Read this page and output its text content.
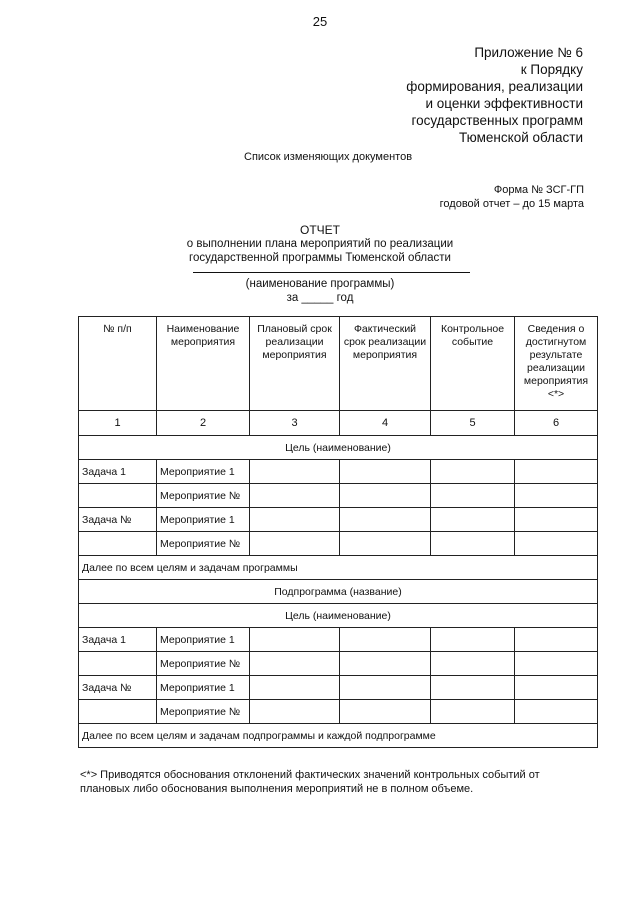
25
Приложение № 6
к Порядку
формирования, реализации
и оценки эффективности
государственных программ
Тюменской области
Список изменяющих документов
Форма № ЗСГ-ГП
годовой отчет – до 15 марта
ОТЧЕТ
о выполнении плана мероприятий по реализации
государственной программы Тюменской области
(наименование программы)
за _____ год
№ п/п	Наименование мероприятия	Плановый срок реализации мероприятия	Фактический срок реализации мероприятия	Контрольное событие	Сведения о достигнутом результате реализации мероприятия <*>
1	2	3	4	5	6
Цель (наименование)					
Задача 1	Мероприятие 1				
	Мероприятие №				
Задача №	Мероприятие 1				
	Мероприятие №				
Далее по всем целям и задачам программы					
Подпрограмма (название)					
Цель (наименование)					
Задача 1	Мероприятие 1				
	Мероприятие №				
Задача №	Мероприятие 1				
	Мероприятие №				
Далее по всем целям и задачам подпрограммы и каждой подпрограмме					
<*> Приводятся обоснования отклонений фактических значений контрольных событий от плановых либо обоснования выполнения мероприятий не в полном объеме.
